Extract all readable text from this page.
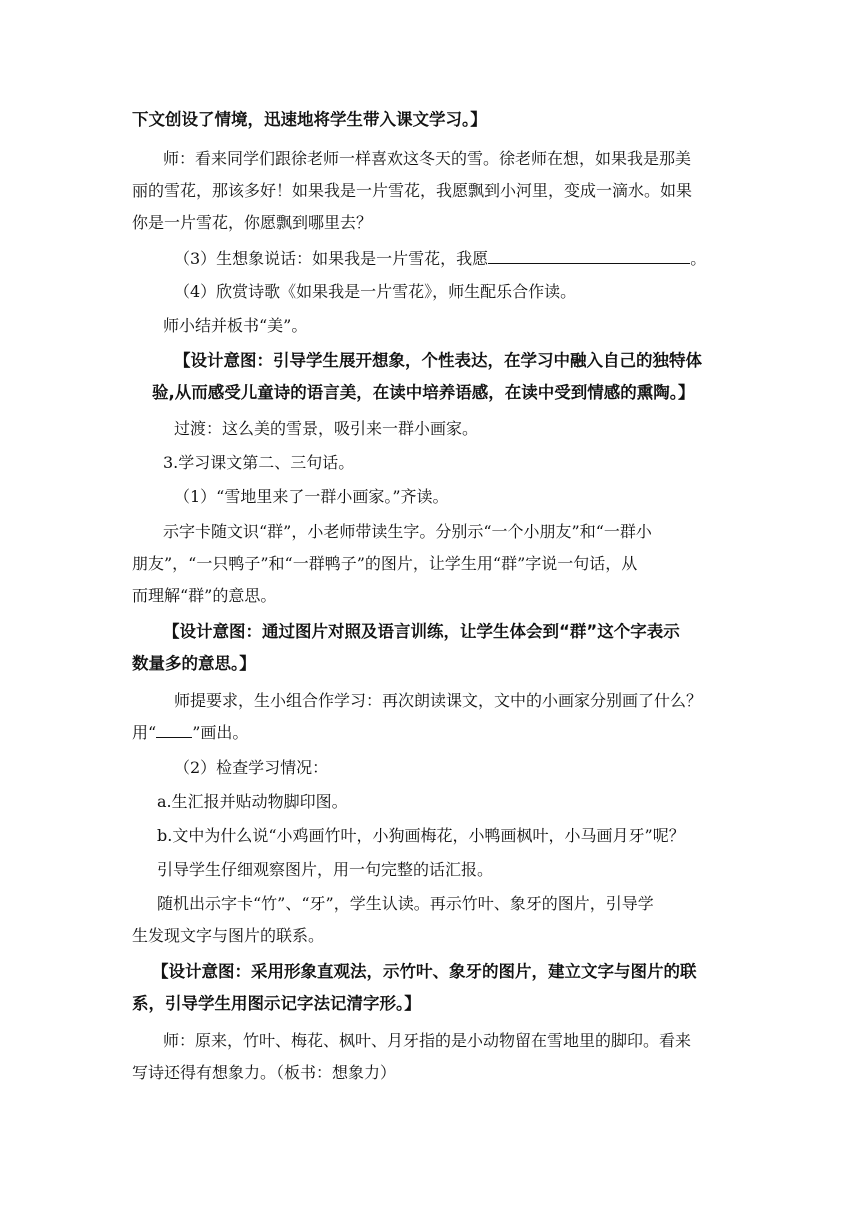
下文创设了情境，迅速地将学生带入课文学习。】
师：看来同学们跟徐老师一样喜欢这冬天的雪。徐老师在想，如果我是那美
丽的雪花，那该多好！如果我是一片雪花，我愿飘到小河里，变成一滴水。如果
你是一片雪花，你愿飘到哪里去？
（3）生想象说话：如果我是一片雪花，我愿	。
（4）欣赏诗歌《如果我是一片雪花》，师生配乐合作读。
师小结并板书“美”。
【设计意图：引导学生展开想象，个性表达，在学习中融入自己的独特体
验,从而感受儿童诗的语言美，在读中培养语感，在读中受到情感的熏陶。】
过渡：这么美的雪景，吸引来一群小画家。
3.学习课文第二、三句话。
（1）“雪地里来了一群小画家。”齐读。
示字卡随文识“群”，小老师带读生字。分别示“一个小朋友”和“一群小
朋友”，“一只鸭子”和“一群鸭子”的图片，让学生用“群”字说一句话，从
而理解“群”的意思。
【设计意图：通过图片对照及语言训练，让学生体会到“群”这个字表示
数量多的意思。】
师提要求，生小组合作学习：再次朗读课文，文中的小画家分别画了什么？
用“ ”画出。
（2）检查学习情况：
a.生汇报并贴动物脚印图。
b.文中为什么说“小鸡画竹叶，小狗画梅花，小鸭画枫叶，小马画月牙”呢？
引导学生仔细观察图片，用一句完整的话汇报。
随机出示字卡“竹”、“牙”，学生认读。再示竹叶、象牙的图片，引导学
生发现文字与图片的联系。
【设计意图：采用形象直观法，示竹叶、象牙的图片，建立文字与图片的联
系，引导学生用图示记字法记清字形。】
师：原来，竹叶、梅花、枫叶、月牙指的是小动物留在雪地里的脚印。看来
写诗还得有想象力。（板书：想象力）
